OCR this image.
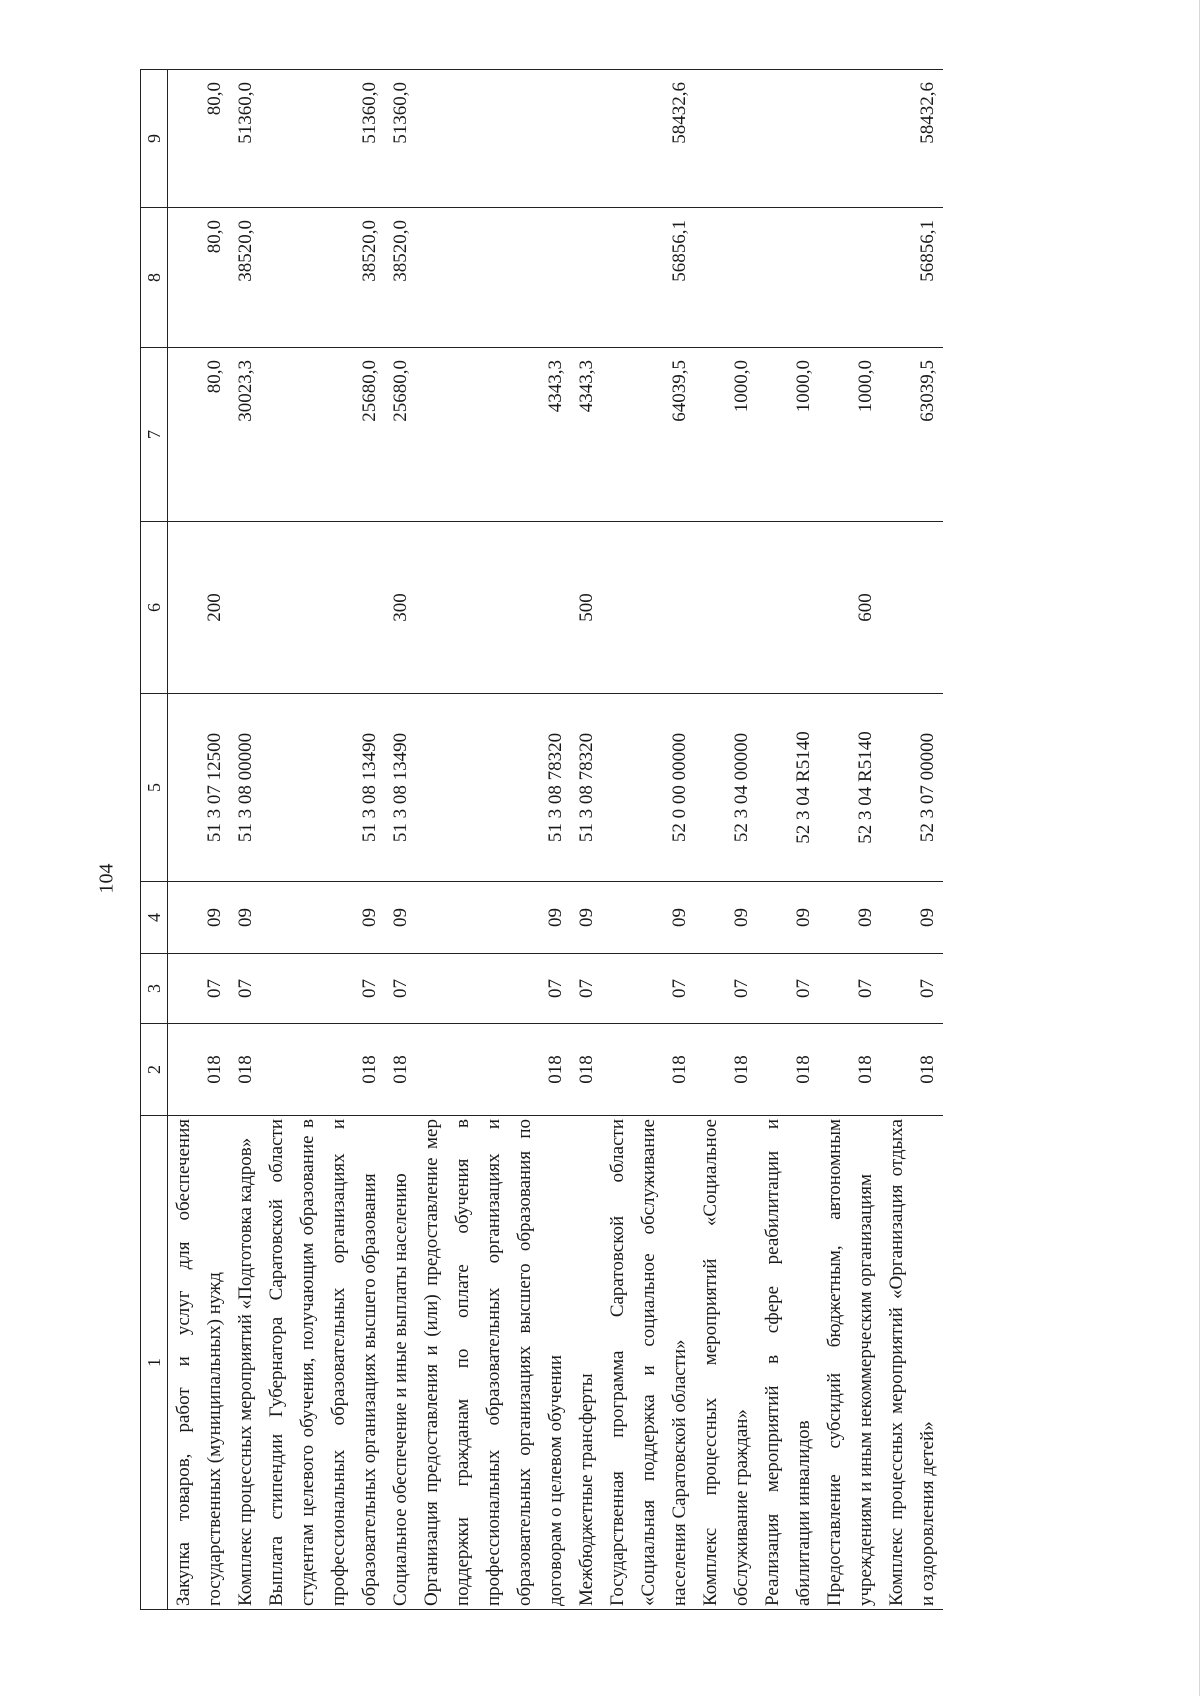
104
1	2	3	4	5	6	7	8	9
Закупка товаров, работ и услуг для обеспечения государственных (муниципальных) нужд	018	07	09	51 3 07 12500	200	80,0	80,0	80,0

Комплекс процессных мероприятий «Подготовка кадров»	018	07	09	51 3 08 00000		30023,3	38520,0	51360,0

Выплата стипендии Губернатора Саратовской области студентам целевого обучения, получающим образование в профессиональных образовательных организациях и образовательных организациях высшего образования	018	07	09	51 3 08 13490		25680,0	38520,0	51360,0

Социальное обеспечение и иные выплаты населению	018	07	09	51 3 08 13490	300	25680,0	38520,0	51360,0

Организация предоставления и (или) предоставление мер поддержки гражданам по оплате обучения в профессиональных образовательных организациях и образовательных организациях высшего образования по договорам о целевом обучении	018	07	09	51 3 08 78320		4343,3		

Межбюджетные трансферты	018	07	09	51 3 08 78320	500	4343,3		

Государственная программа Саратовской области «Социальная поддержка и социальное обслуживание населения Саратовской области»	018	07	09	52 0 00 00000		64039,5	56856,1	58432,6

Комплекс процессных мероприятий «Социальное обслуживание граждан»	018	07	09	52 3 04 00000		1000,0		

Реализация мероприятий в сфере реабилитации и абилитации инвалидов	018	07	09	52 3 04 R5140		1000,0		

Предоставление субсидий бюджетным, автономным учреждениям и иным некоммерческим организациям	018	07	09	52 3 04 R5140	600	1000,0		

Комплекс процессных мероприятий «Организация отдыха и оздоровления детей»	018	07	09	52 3 07 00000		63039,5	56856,1	58432,6
